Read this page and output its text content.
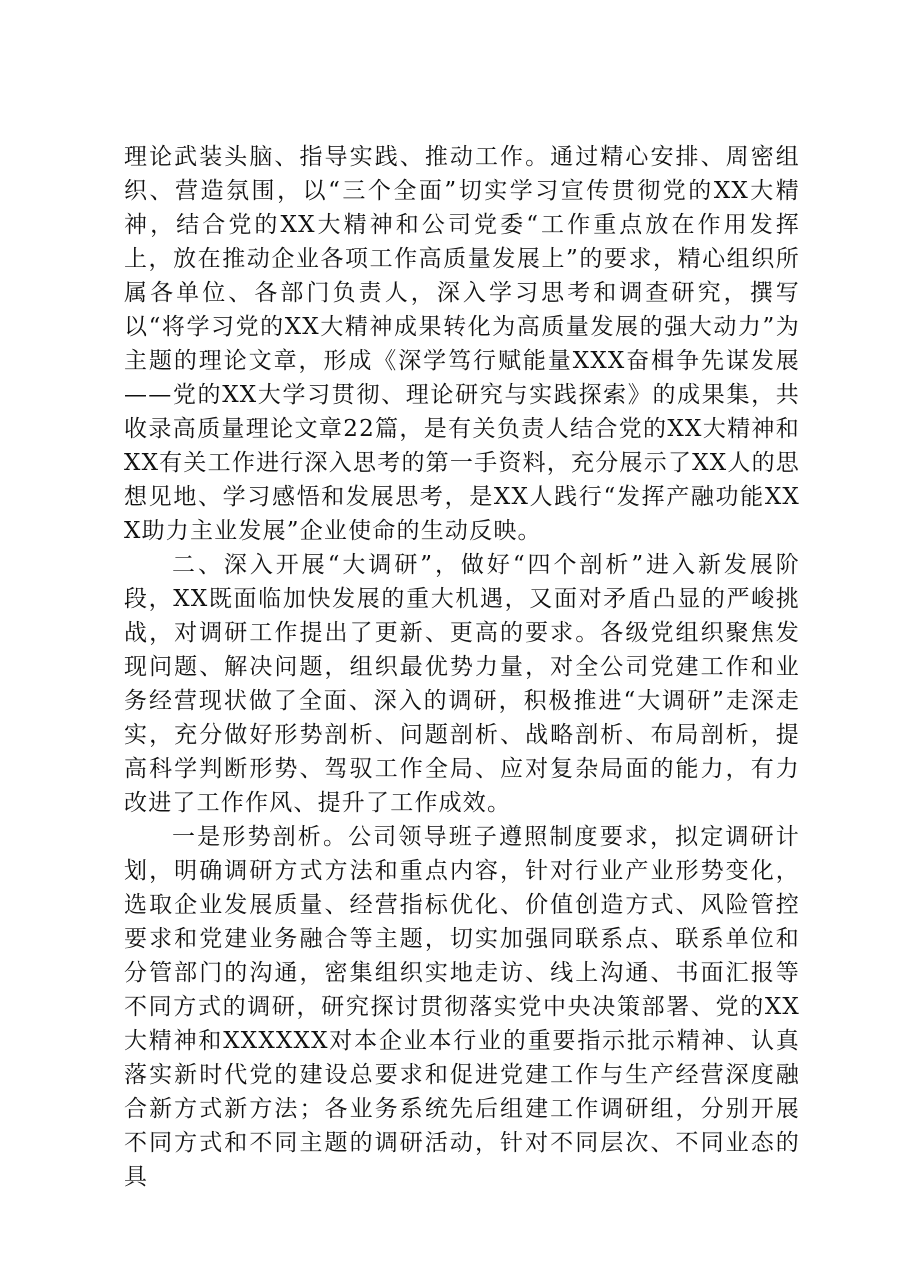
理论武装头脑、指导实践、推动工作。通过精心安排、周密组织、营造氛围，以“三个全面”切实学习宣传贯彻党的XX大精神，结合党的XX大精神和公司党委“工作重点放在作用发挥上，放在推动企业各项工作高质量发展上”的要求，精心组织所属各单位、各部门负责人，深入学习思考和调查研究，撰写以“将学习党的XX大精神成果转化为高质量发展的强大动力”为主题的理论文章，形成《深学笃行赋能量XXX奋楫争先谋发展——党的XX大学习贯彻、理论研究与实践探索》的成果集，共收录高质量理论文章22篇，是有关负责人结合党的XX大精神和XX有关工作进行深入思考的第一手资料，充分展示了XX人的思想见地、学习感悟和发展思考，是XX人践行“发挥产融功能XXX助力主业发展”企业使命的生动反映。

二、深入开展“大调研”，做好“四个剖析”进入新发展阶段，XX既面临加快发展的重大机遇，又面对矛盾凸显的严峻挑战，对调研工作提出了更新、更高的要求。各级党组织聚焦发现问题、解决问题，组织最优势力量，对全公司党建工作和业务经营现状做了全面、深入的调研，积极推进“大调研”走深走实，充分做好形势剖析、问题剖析、战略剖析、布局剖析，提高科学判断形势、驾驭工作全局、应对复杂局面的能力，有力改进了工作作风、提升了工作成效。

一是形势剖析。公司领导班子遵照制度要求，拟定调研计划，明确调研方式方法和重点内容，针对行业产业形势变化，选取企业发展质量、经营指标优化、价值创造方式、风险管控要求和党建业务融合等主题，切实加强同联系点、联系单位和分管部门的沟通，密集组织实地走访、线上沟通、书面汇报等不同方式的调研，研究探讨贯彻落实党中央决策部署、党的XX大精神和XXXXXX对本企业本行业的重要指示批示精神、认真落实新时代党的建设总要求和促进党建工作与生产经营深度融合新方式新方法；各业务系统先后组建工作调研组，分别开展不同方式和不同主题的调研活动，针对不同层次、不同业态的具
